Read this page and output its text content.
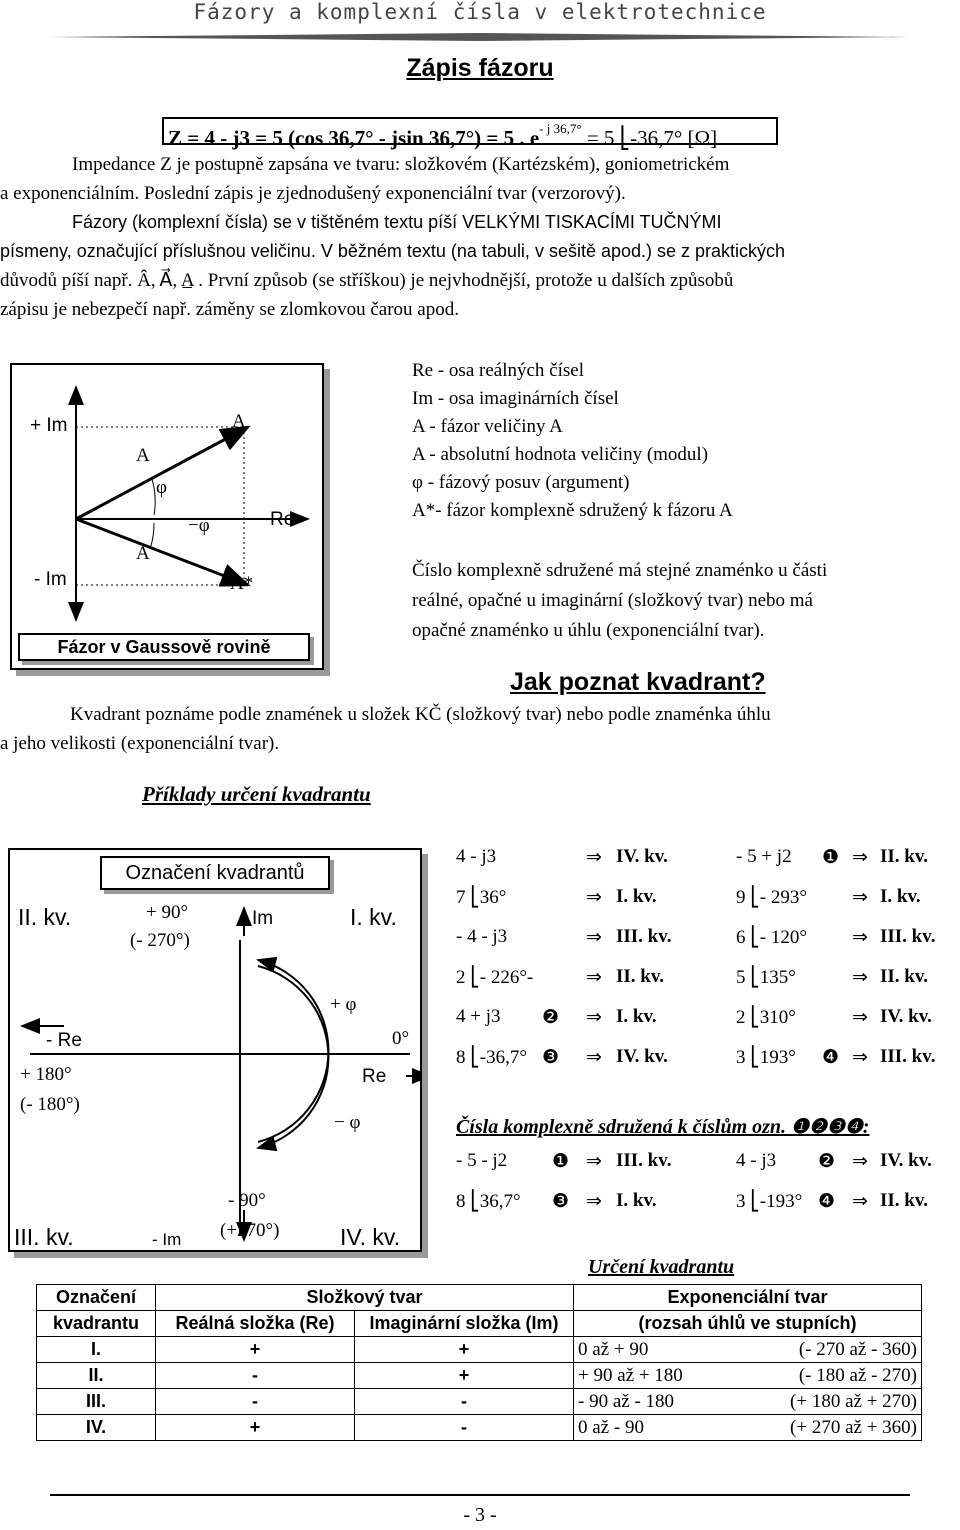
Fázory a komplexní čísla v elektrotechnice
Zápis fázoru
Z = 4 - j3 = 5 (cos 36,7° - jsin 36,7°) = 5 . $e^{- j 36,7^\circ} = 5$ ⎣-36,7° [Ω]
Impedance Z je postupně zapsána ve tvaru: složkovém (Kartézském), goniometrickém
a exponenciálním. Poslední zápis je zjednodušený exponenciální tvar (verzorový).
Fázory (komplexní čísla) se v tištěném textu píší VELKÝMI TISKACÍMI TUČNÝMI
písmeny, označující příslušnou veličinu. V běžném textu (na tabuli, v sešitě apod.) se z praktických
důvodů píší např. Â, A⃗, A̲ . První způsob (se stříškou) je nejvhodnější, protože u dalších způsobů
zápisu je nebezpečí např. záměny se zlomkovou čarou apod.
+ Im
- Im
Re
A
A
φ
−φ
A
A*
Fázor v Gaussově rovině
Re - osa reálných čísel
Im - osa imaginárních čísel
A - fázor veličiny A
A - absolutní hodnota veličiny (modul)
φ - fázový posuv (argument)
A*- fázor komplexně sdružený k fázoru A
Číslo komplexně sdružené má stejné znaménko u části
reálné, opačné u imaginární (složkový tvar) nebo má
opačné znaménko u úhlu (exponenciální tvar).
Jak poznat kvadrant?
Kvadrant poznáme podle znamének u složek KČ (složkový tvar) nebo podle znaménka úhlu
a jeho velikosti (exponenciální tvar).
Příklady určení kvadrantu
Označení kvadrantů
II. kv.	I. kv.
III. kv.	IV. kv.
+ 90°
(- 270°)
Im
+ φ
0°
- Re
+ 180°
(- 180°)
Re
− φ
- 90°
(+270°)
- Im
4 - j3	⇒ IV. kv.	- 5 + j2 ❶ ⇒ II. kv.
7 ⎣36°	⇒ I. kv.	9 ⎣- 293° ⇒ I. kv.
- 4 - j3	⇒ III. kv.	6 ⎣- 120° ⇒ III. kv.
2 ⎣- 226°-	⇒ II. kv.	5 ⎣135°	⇒ II. kv.
4 + j3 ❷ ⇒ I. kv.	2 ⎣310°	⇒ IV. kv.
8 ⎣-36,7° ❸ ⇒ IV. kv.	3 ⎣193° ❹ ⇒ III. kv.
Čísla komplexně sdružená k číslům ozn. ❶❷❸❹:
- 5 - j2 ❶ ⇒ III. kv.	4 - j3 ❷ ⇒ IV. kv.
8 ⎣36,7° ❸ ⇒ I. kv.	3 ⎣-193° ❹ ⇒ II. kv.
Určení kvadrantu
Označení	Složkový tvar		Exponenciální tvar	
kvadrantu	Reálná složka (Re)	Imaginární složka (Im)	(rozsah úhlů ve stupních)	
I.	+	+	0 až + 90	(- 270 až - 360)
II.	-	+	+ 90 až + 180	(- 180 až - 270)
III.	-	-	- 90 až - 180	(+ 180 až + 270)
IV.	+	-	0 až - 90	(+ 270 až + 360)
- 3 -
